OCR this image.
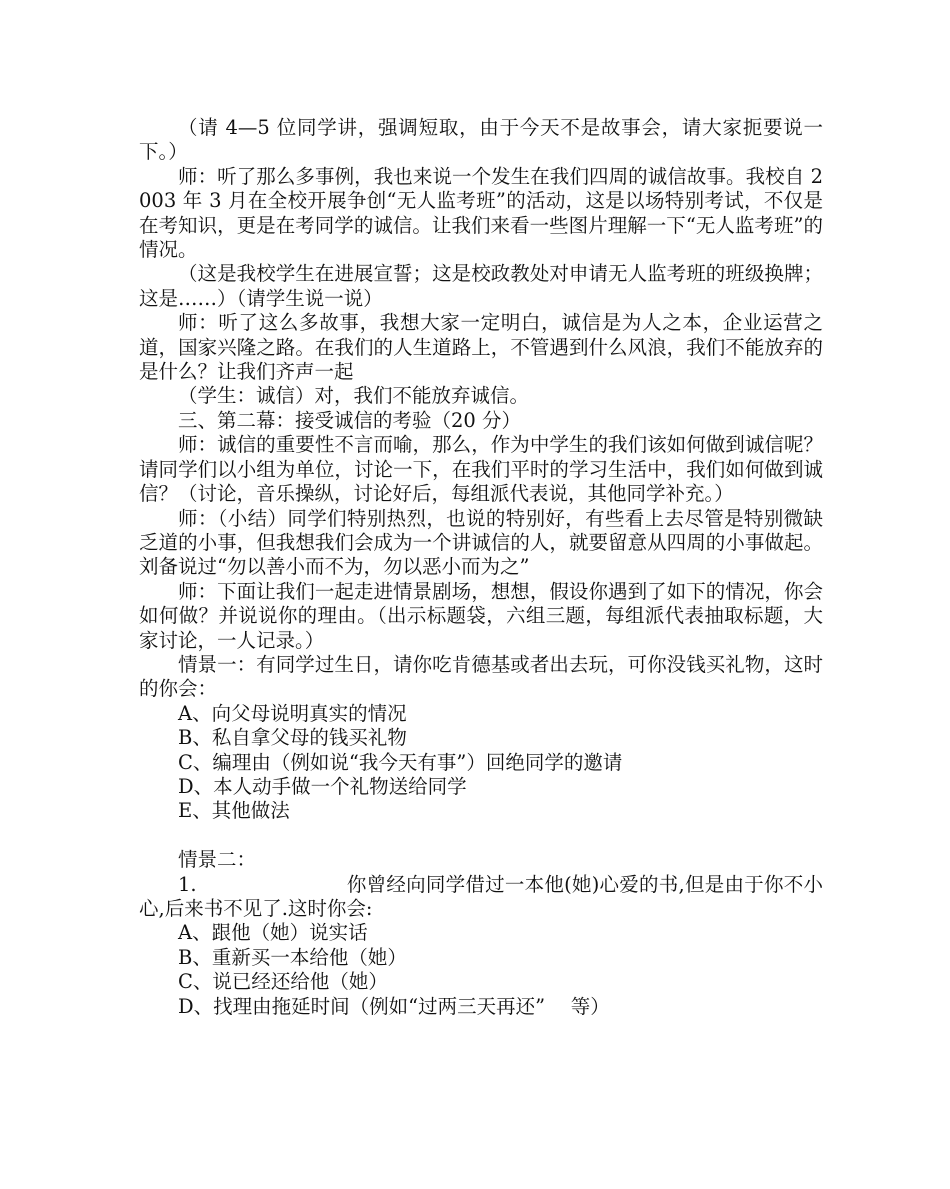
（请 4—5 位同学讲，强调短取，由于今天不是故事会，请大家扼要说一下。）

师：听了那么多事例，我也来说一个发生在我们四周的诚信故事。我校自 2003 年 3 月在全校开展争创“无人监考班”的活动，这是以场特别考试，不仅是在考知识，更是在考同学的诚信。让我们来看一些图片理解一下“无人监考班”的情况。

（这是我校学生在进展宣誓；这是校政教处对申请无人监考班的班级换牌；这是……）（请学生说一说）

师：听了这么多故事，我想大家一定明白，诚信是为人之本，企业运营之道，国家兴隆之路。在我们的人生道路上，不管遇到什么风浪，我们不能放弃的是什么？让我们齐声一起

（学生：诚信）对，我们不能放弃诚信。

三、第二幕：接受诚信的考验（20 分）

师：诚信的重要性不言而喻，那么，作为中学生的我们该如何做到诚信呢？请同学们以小组为单位，讨论一下，在我们平时的学习生活中，我们如何做到诚信？（讨论，音乐操纵，讨论好后，每组派代表说，其他同学补充。）

师：（小结）同学们特别热烈，也说的特别好，有些看上去尽管是特别微缺乏道的小事，但我想我们会成为一个讲诚信的人，就要留意从四周的小事做起。刘备说过“勿以善小而不为，勿以恶小而为之”

师：下面让我们一起走进情景剧场，想想，假设你遇到了如下的情况，你会如何做？并说说你的理由。（出示标题袋，六组三题，每组派代表抽取标题，大家讨论，一人记录。）

情景一：有同学过生日，请你吃肯德基或者出去玩，可你没钱买礼物，这时的你会：

A、向父母说明真实的情况

B、私自拿父母的钱买礼物

C、编理由（例如说“我今天有事”）回绝同学的邀请

D、本人动手做一个礼物送给同学

E、其他做法

情景二：

1.	你曾经向同学借过一本他(她)心爱的书,但是由于你不小心,后来书不见了.这时你会:

A、跟他（她）说实话

B、重新买一本给他（她）

C、说已经还给他（她）

D、找理由拖延时间（例如“过两三天再还”　 等）
